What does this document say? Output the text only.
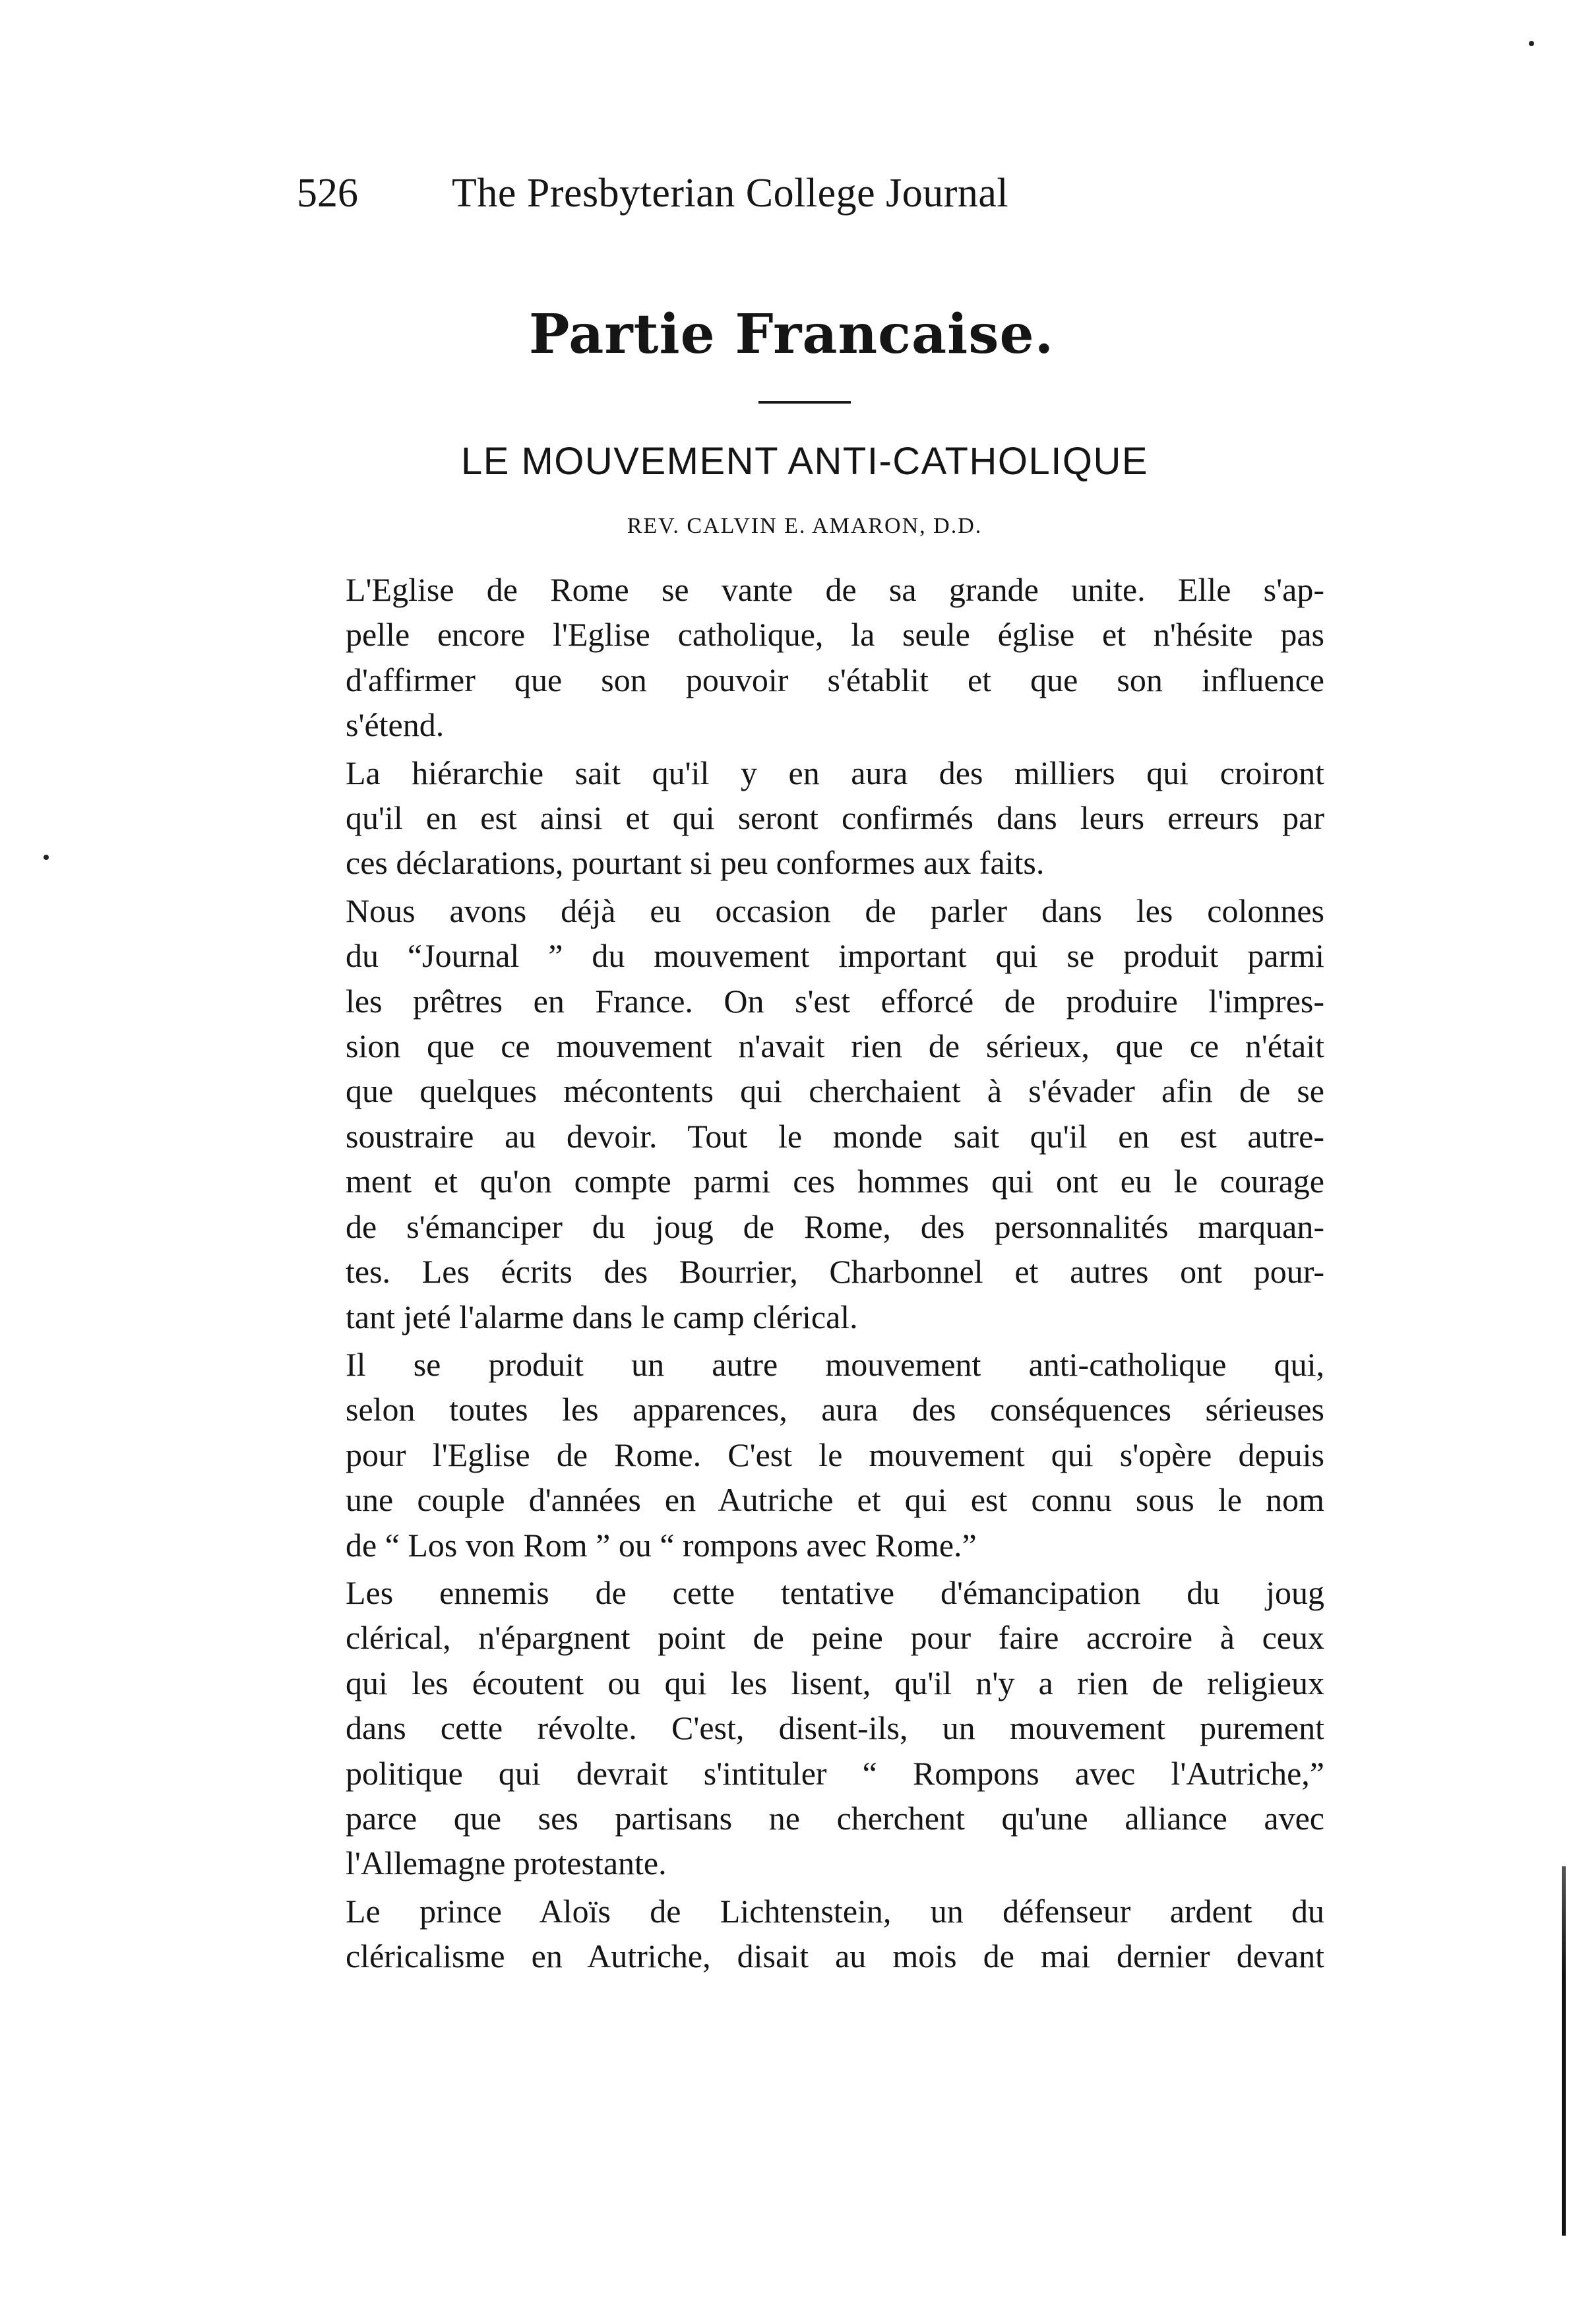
526 The Presbyterian College Journal
Partie Francaise.
LE MOUVEMENT ANTI-CATHOLIQUE
REV. CALVIN E. AMARON, D.D.

L'Eglise de Rome se vante de sa grande unite. Elle s'ap-
pelle encore l'Eglise catholique, la seule église et n'hésite pas
d'affirmer que son pouvoir s'établit et que son influence
s'étend.

La hiérarchie sait qu'il y en aura des milliers qui croiront
qu'il en est ainsi et qui seront confirmés dans leurs erreurs par
ces déclarations, pourtant si peu conformes aux faits.

Nous avons déjà eu occasion de parler dans les colonnes
du “Journal ” du mouvement important qui se produit parmi
les prêtres en France. On s'est efforcé de produire l'impres-
sion que ce mouvement n'avait rien de sérieux, que ce n'était
que quelques mécontents qui cherchaient à s'évader afin de se
soustraire au devoir. Tout le monde sait qu'il en est autre-
ment et qu'on compte parmi ces hommes qui ont eu le courage
de s'émanciper du joug de Rome, des personnalités marquan-
tes. Les écrits des Bourrier, Charbonnel et autres ont pour-
tant jeté l'alarme dans le camp clérical.

Il se produit un autre mouvement anti-catholique qui,
selon toutes les apparences, aura des conséquences sérieuses
pour l'Eglise de Rome. C'est le mouvement qui s'opère depuis
une couple d'années en Autriche et qui est connu sous le nom
de “ Los von Rom ” ou “ rompons avec Rome.”

Les ennemis de cette tentative d'émancipation du joug
clérical, n'épargnent point de peine pour faire accroire à ceux
qui les écoutent ou qui les lisent, qu'il n'y a rien de religieux
dans cette révolte. C'est, disent-ils, un mouvement purement
politique qui devrait s'intituler “ Rompons avec l'Autriche,”
parce que ses partisans ne cherchent qu'une alliance avec
l'Allemagne protestante.

Le prince Aloïs de Lichtenstein, un défenseur ardent du
cléricalisme en Autriche, disait au mois de mai dernier devant
